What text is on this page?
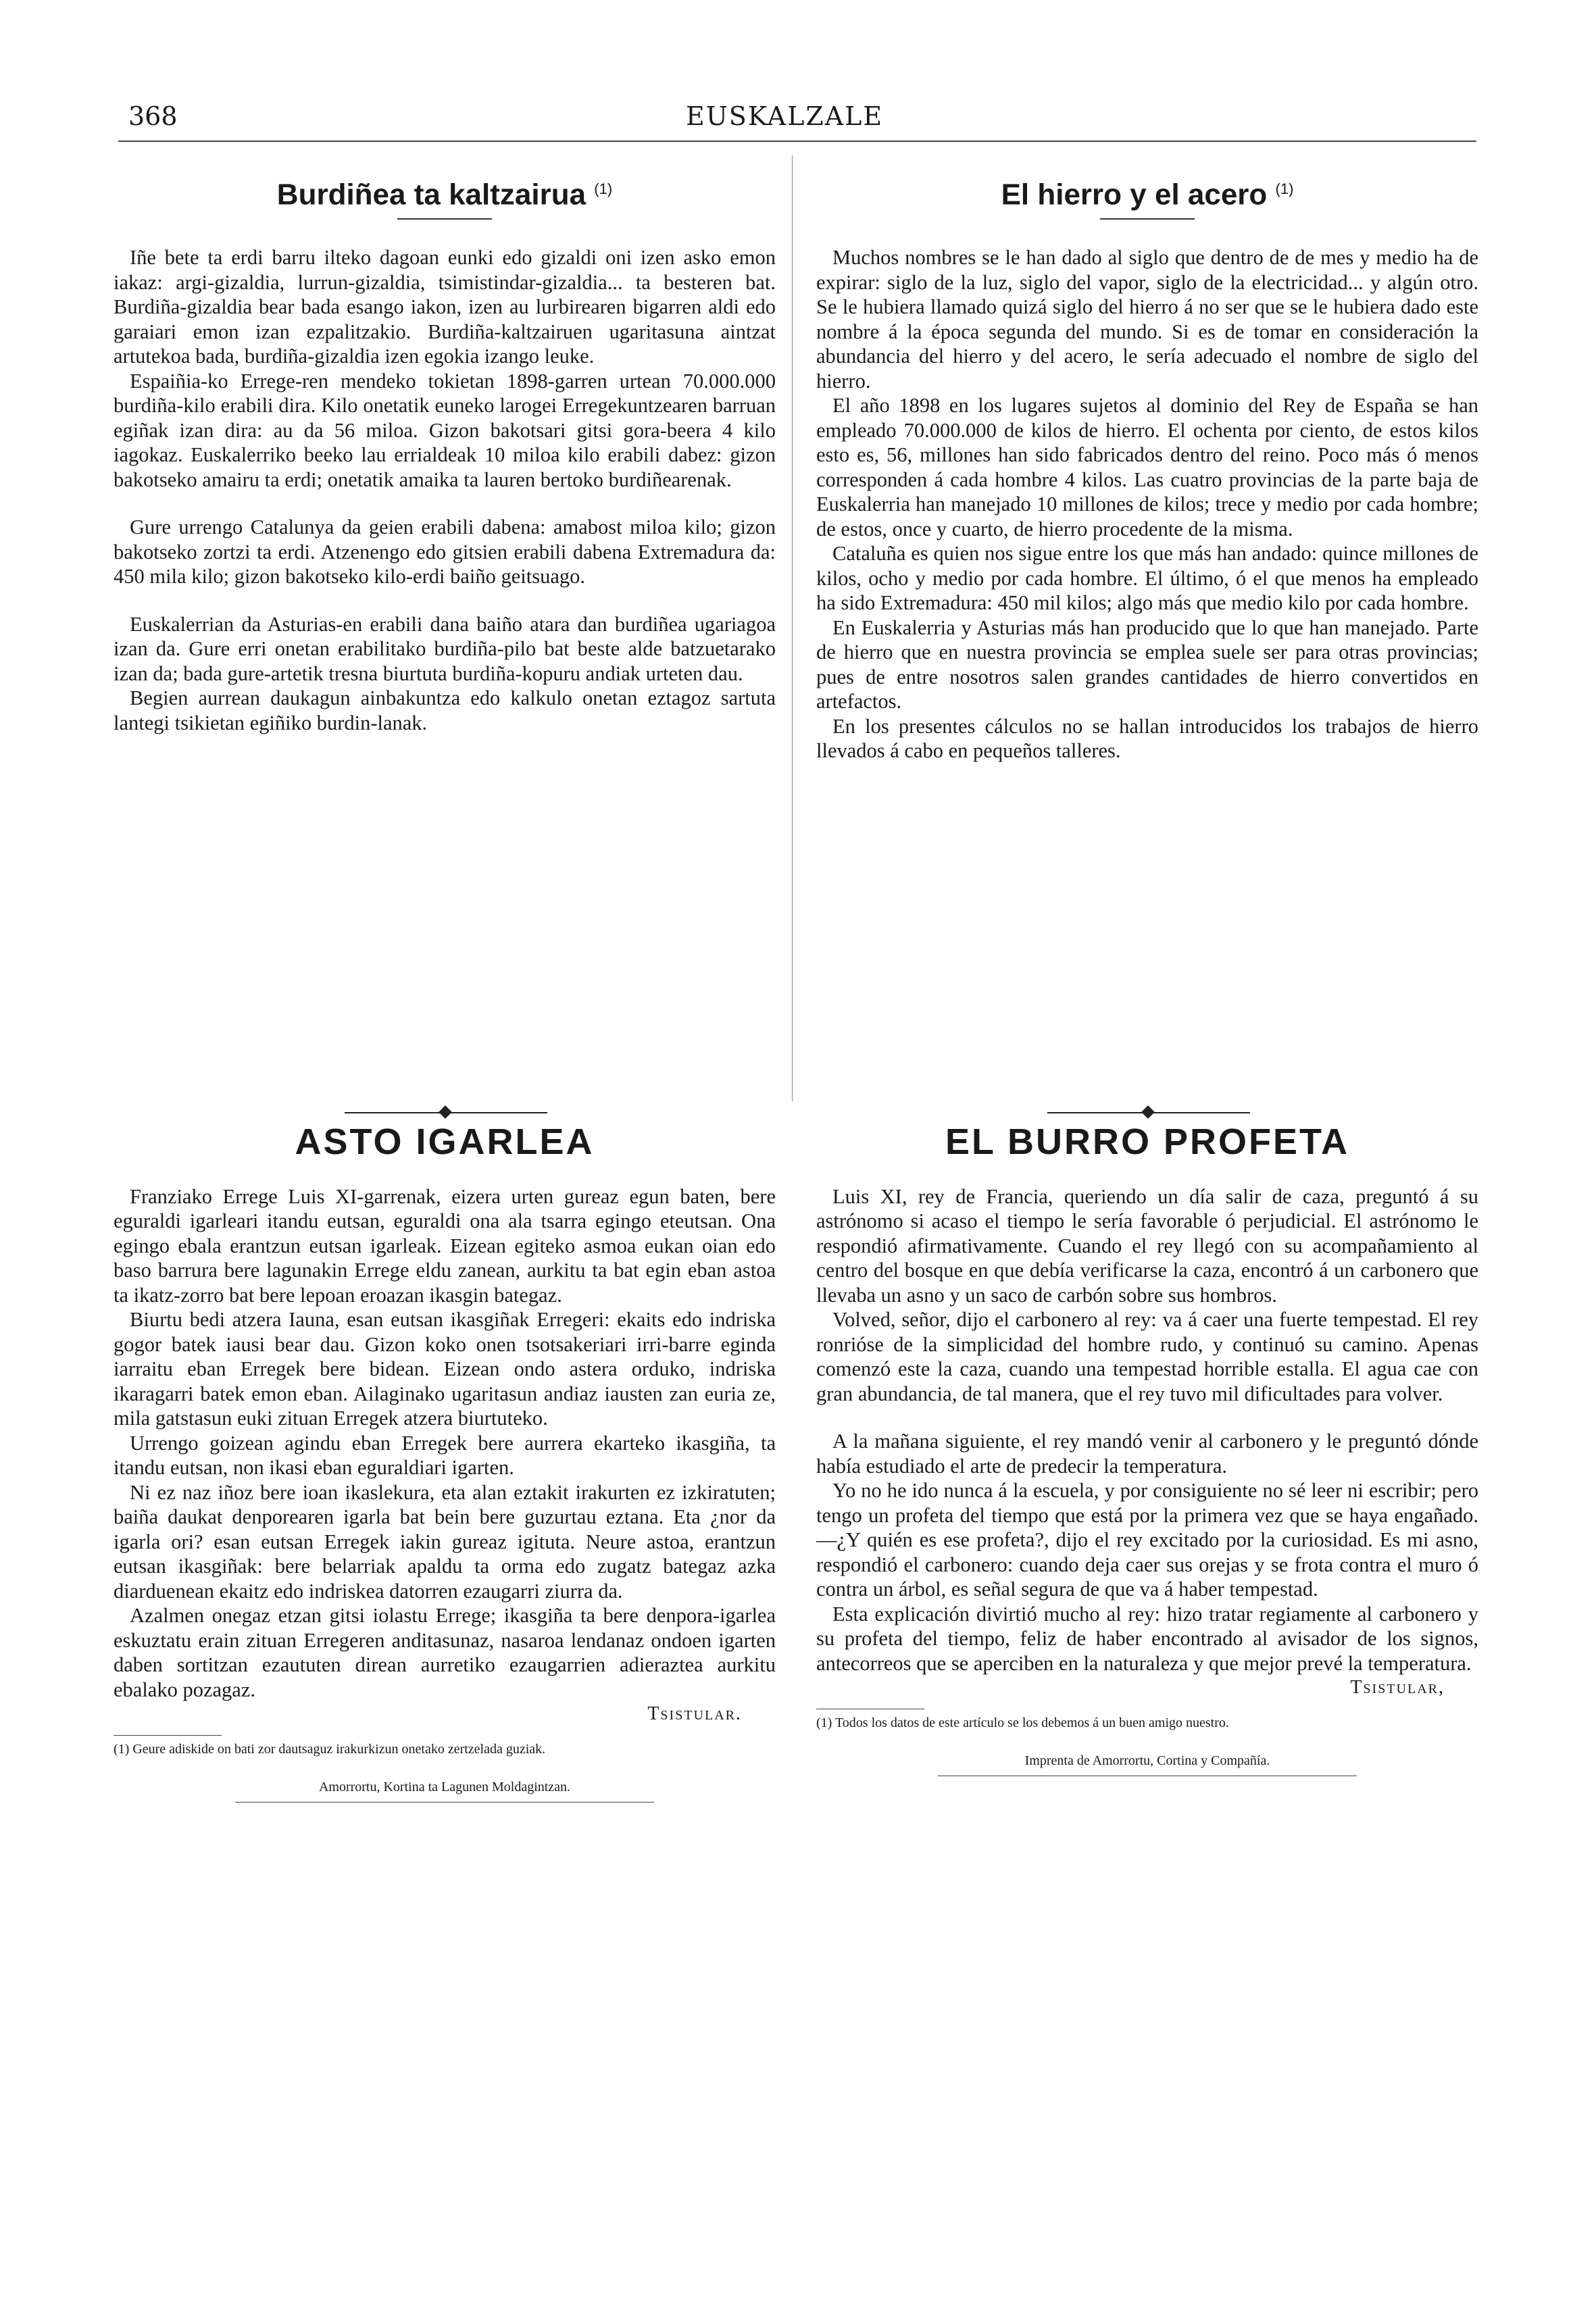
368	EUSKALZALE
Burdiñea ta kaltzairua $^{(1)}$

Iñe bete ta erdi barru ilteko dagoan eunki edo gizaldi oni izen asko emon iakaz: argi-gizaldia, lurrun-gizaldia, tsimistindar-gizaldia... ta besteren bat. Burdiña-gizaldia bear bada esango iakon, izen au lurbirearen bigarren aldi edo garaiari emon izan ezpalitzakio. Burdiña-kaltzairuen ugaritasuna aintzat artutekoa bada, burdiña-gizaldia izen egokia izango leuke.

Espaiñia-ko Errege-ren mendeko tokietan 1898-garren urtean 70.000.000 burdiña-kilo erabili dira. Kilo onetatik euneko larogei Erregekuntzearen barruan egiñak izan dira: au da 56 miloa. Gizon bakotsari gitsi gora-beera 4 kilo iagokaz. Euskalerriko beeko lau errialdeak 10 miloa kilo erabili dabez: gizon bakotseko amairu ta erdi; onetatik amaika ta lauren bertoko burdiñearenak.

Gure urrengo Catalunya da geien erabili dabena: amabost miloa kilo; gizon bakotseko zortzi ta erdi. Atzenengo edo gitsien erabili dabena Extremadura da: 450 mila kilo; gizon bakotseko kilo-erdi baiño geitsuago.

Euskalerrian da Asturias-en erabili dana baiño atara dan burdiñea ugariagoa izan da. Gure erri onetan erabilitako burdiña-pilo bat beste alde batzuetarako izan da; bada gure-artetik tresna biurtuta burdiña-kopuru andiak urteten dau.

Begien aurrean daukagun ainbakuntza edo kalkulo onetan eztagoz sartuta lantegi tsikietan egiñiko burdin-lanak.

El hierro y el acero $^{(1)}$

Muchos nombres se le han dado al siglo que dentro de de mes y medio ha de expirar: siglo de la luz, siglo del vapor, siglo de la electricidad... y algún otro. Se le hubiera llamado quizá siglo del hierro á no ser que se le hubiera dado este nombre á la época segunda del mundo. Si es de tomar en consideración la abundancia del hierro y del acero, le sería adecuado el nombre de siglo del hierro.

El año 1898 en los lugares sujetos al dominio del Rey de España se han empleado 70.000.000 de kilos de hierro. El ochenta por ciento, de estos kilos esto es, 56, millones han sido fabricados dentro del reino. Poco más ó menos corresponden á cada hombre 4 kilos. Las cuatro provincias de la parte baja de Euskalerria han manejado 10 millones de kilos; trece y medio por cada hombre; de estos, once y cuarto, de hierro procedente de la misma.

Cataluña es quien nos sigue entre los que más han andado: quince millones de kilos, ocho y medio por cada hombre. El último, ó el que menos ha empleado ha sido Extremadura: 450 mil kilos; algo más que medio kilo por cada hombre.

En Euskalerria y Asturias más han producido que lo que han manejado. Parte de hierro que en nuestra provincia se emplea suele ser para otras provincias; pues de entre nosotros salen grandes cantidades de hierro convertidos en artefactos.

En los presentes cálculos no se hallan introducidos los trabajos de hierro llevados á cabo en pequeños talleres.

ASTO IGARLEA

Franziako Errege Luis XI-garrenak, eizera urten gureaz egun baten, bere eguraldi igarleari itandu eutsan, eguraldi ona ala tsarra egingo eteutsan. Ona egingo ebala erantzun eutsan igarleak. Eizean egiteko asmoa eukan oian edo baso barrura bere lagunakin Errege eldu zanean, aurkitu ta bat egin eban astoa ta ikatz-zorro bat bere lepoan eroazan ikasgin bategaz.

Biurtu bedi atzera Iauna, esan eutsan ikasgiñak Erregeri: ekaits edo indriska gogor batek iausi bear dau. Gizon koko onen tsotsakeriari irri-barre eginda iarraitu eban Erregek bere bidean. Eizean ondo astera orduko, indriska ikaragarri batek emon eban. Ailaginako ugaritasun andiaz iausten zan euria ze, mila gatstasun euki zituan Erregek atzera biurtuteko.

Urrengo goizean agindu eban Erregek bere aurrera ekarteko ikasgiña, ta itandu eutsan, non ikasi eban eguraldiari igarten.

Ni ez naz iñoz bere ioan ikaslekura, eta alan eztakit irakurten ez izkiratuten; baiña daukat denporearen igarla bat bein bere guzurtau eztana. Eta ¿nor da igarla ori? esan eutsan Erregek iakin gureaz igituta. Neure astoa, erantzun eutsan ikasgiñak: bere belarriak apaldu ta orma edo zugatz bategaz azka diarduenean ekaitz edo indriskea datorren ezaugarri ziurra da.

Azalmen onegaz etzan gitsi iolastu Errege; ikasgiña ta bere denpora-igarlea eskuztatu erain zituan Erregeren anditasunaz, nasaroa lendanaz ondoen igarten daben sortitzan ezaututen direan aurretiko ezaugarrien adieraztea aurkitu ebalako pozagaz.

Tsistular.
(1) Geure adiskide on bati zor dautsaguz irakurkizun onetako zertzelada guziak.
Amorrortu, Kortina ta Lagunen Moldagintzan.
EL BURRO PROFETA

Luis XI, rey de Francia, queriendo un día salir de caza, preguntó á su astrónomo si acaso el tiempo le sería favorable ó perjudicial. El astrónomo le respondió afirmativamente. Cuando el rey llegó con su acompañamiento al centro del bosque en que debía verificarse la caza, encontró á un carbonero que llevaba un asno y un saco de carbón sobre sus hombros.

Volved, señor, dijo el carbonero al rey: va á caer una fuerte tempestad. El rey ronrióse de la simplicidad del hombre rudo, y continuó su camino. Apenas comenzó este la caza, cuando una tempestad horrible estalla. El agua cae con gran abundancia, de tal manera, que el rey tuvo mil dificultades para volver.

A la mañana siguiente, el rey mandó venir al carbonero y le preguntó dónde había estudiado el arte de predecir la temperatura.

Yo no he ido nunca á la escuela, y por consiguiente no sé leer ni escribir; pero tengo un profeta del tiempo que está por la primera vez que se haya engañado.—¿Y quién es ese profeta?, dijo el rey excitado por la curiosidad. Es mi asno, respondió el carbonero: cuando deja caer sus orejas y se frota contra el muro ó contra un árbol, es señal segura de que va á haber tempestad.

Esta explicación divirtió mucho al rey: hizo tratar regiamente al carbonero y su profeta del tiempo, feliz de haber encontrado al avisador de los signos, antecorreos que se aperciben en la naturaleza y que mejor prevé la temperatura.

Tsistular,
(1) Todos los datos de este artículo se los debemos á un buen amigo nuestro.
Imprenta de Amorrortu, Cortina y Compañía.
